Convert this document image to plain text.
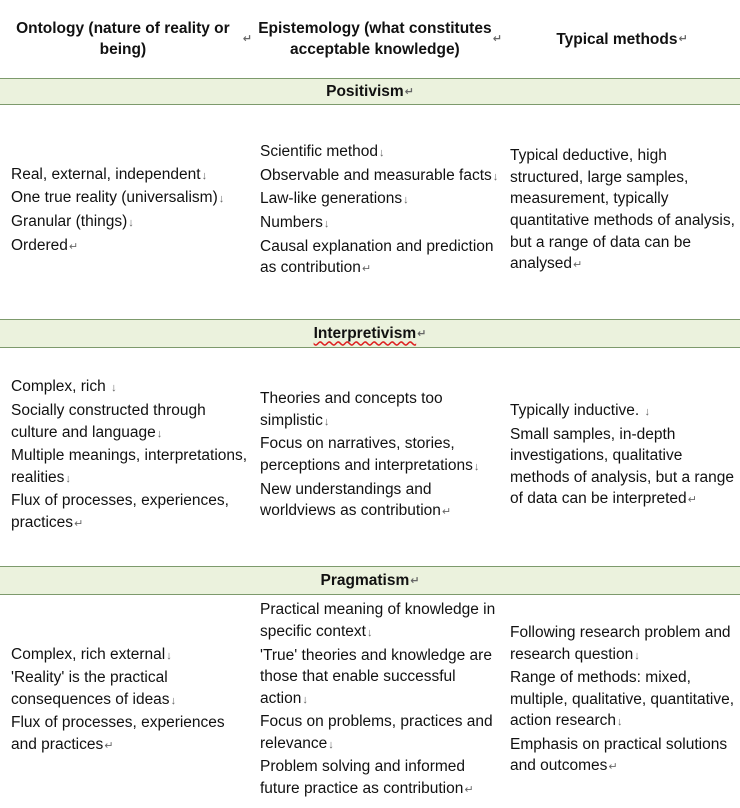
Ontology (nature of reality or being)
↵
Epistemology (what constitutes acceptable knowledge)
↵	Typical methods ↵
Positivism ↵
Real, external, independent↓
One true reality (universalism)↓
Granular (things)↓
Ordered↵
Scientific method↓
Observable and measurable facts↓
Law-like generations↓
Numbers↓
Causal explanation and prediction as contribution↵
Typical deductive, high structured, large samples, measurement, typically quantitative methods of analysis, but a range of data can be analysed↵
Interpretivism ↵
Complex, rich ↓
Socially constructed through culture and language↓
Multiple meanings, interpretations, realities↓
Flux of processes, experiences, practices↵
Theories and concepts too simplistic↓
Focus on narratives, stories, perceptions and interpretations↓
New understandings and worldviews as contribution↵
Typically inductive. ↓
Small samples, in-depth investigations, qualitative methods of analysis, but a range of data can be interpreted↵
Pragmatism ↵
Complex, rich external↓
'Reality' is the practical consequences of ideas↓
Flux of processes, experiences and practices↵
Practical meaning of knowledge in specific context↓
'True' theories and knowledge are those that enable successful action↓
Focus on problems, practices and relevance↓
Problem solving and informed future practice as contribution↵
Following research problem and research question↓
Range of methods: mixed, multiple, qualitative, quantitative, action research↓
Emphasis on practical solutions and outcomes↵
